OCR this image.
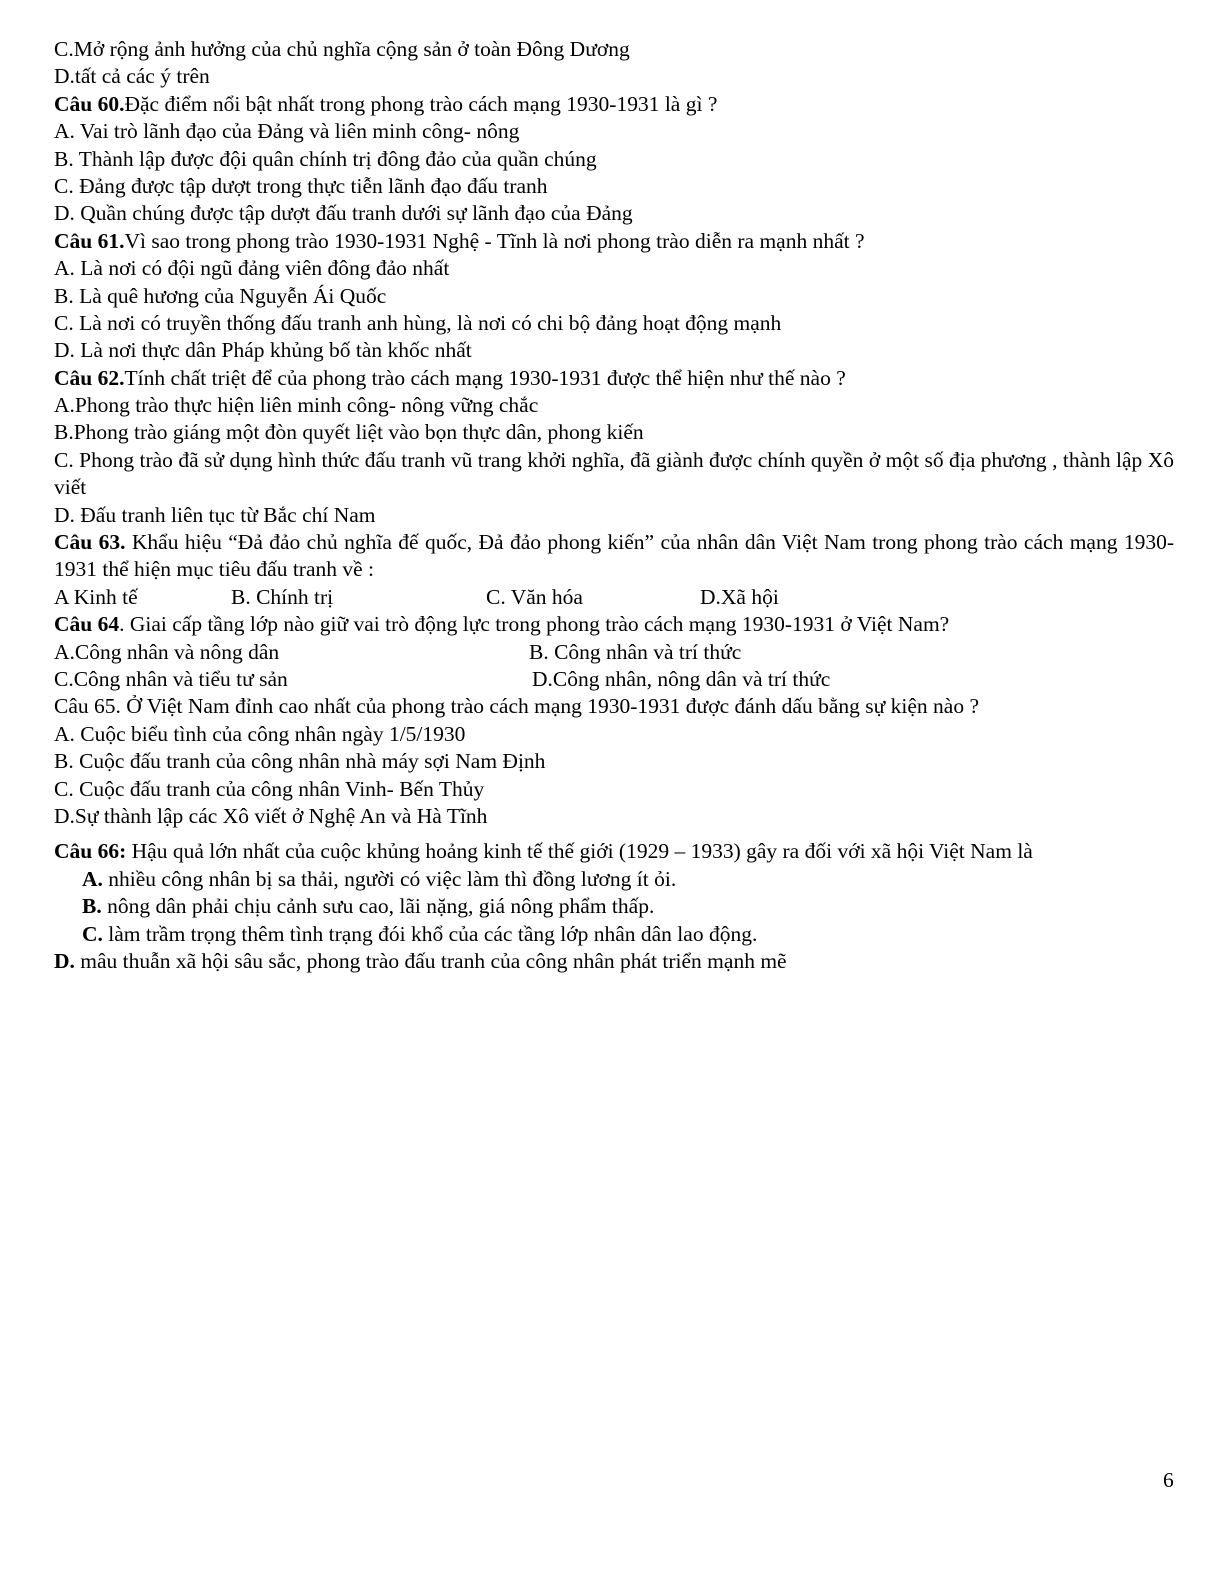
C.Mở rộng ảnh hưởng của chủ nghĩa cộng sản ở toàn Đông Dương
D.tất cả các ý trên
Câu 60.Đặc điểm nổi bật nhất trong phong trào cách mạng 1930-1931 là gì ?
A. Vai trò lãnh đạo của Đảng và liên minh công- nông
B. Thành lập được đội quân chính trị đông đảo của quần chúng
C. Đảng được tập dượt trong thực tiễn lãnh đạo đấu tranh
D. Quần chúng được tập dượt đấu tranh dưới sự lãnh đạo của Đảng
Câu 61.Vì sao trong phong trào 1930-1931 Nghệ - Tĩnh là nơi phong trào diễn ra mạnh nhất ?
A. Là nơi có đội ngũ đảng viên đông đảo nhất
B. Là quê hương của Nguyễn Ái Quốc
C. Là nơi có truyền thống đấu tranh anh hùng, là nơi có chi bộ đảng hoạt động mạnh
D. Là nơi thực dân Pháp khủng bố tàn khốc nhất
Câu 62.Tính chất triệt để của phong trào cách mạng 1930-1931 được thể hiện như thế nào ?
A.Phong trào thực hiện liên minh công- nông vững chắc
B.Phong trào giáng một đòn quyết liệt vào bọn thực dân, phong kiến
C. Phong trào đã sử dụng hình thức đấu tranh vũ trang khởi nghĩa, đã giành được chính quyền ở một số địa phương , thành lập Xô viết
D. Đấu tranh liên tục từ Bắc chí Nam
Câu 63. Khẩu hiệu “Đả đảo chủ nghĩa đế quốc, Đả đảo phong kiến” của nhân dân Việt Nam trong phong trào cách mạng 1930-1931 thể hiện mục tiêu đấu tranh về :
A Kinh tế	B. Chính trị	C. Văn hóa	D.Xã hội
Câu 64. Giai cấp tầng lớp nào giữ vai trò động lực trong phong trào cách mạng 1930-1931 ở Việt Nam?
A.Công nhân và nông dân	B. Công nhân và trí thức
C.Công nhân và tiểu tư sản	D.Công nhân, nông dân và trí thức
Câu 65. Ở Việt Nam đỉnh cao nhất của phong trào cách mạng 1930-1931 được đánh dấu bằng sự kiện nào ?
A. Cuộc biểu tình của công nhân ngày 1/5/1930
B. Cuộc đấu tranh của công nhân nhà máy sợi Nam Định
C. Cuộc đấu tranh của công nhân Vinh- Bến Thủy
D.Sự thành lập các Xô viết ở Nghệ An và Hà Tĩnh
Câu 66: Hậu quả lớn nhất của cuộc khủng hoảng kinh tế thế giới (1929 – 1933) gây ra đối với xã hội Việt Nam là
A. nhiều công nhân bị sa thải, người có việc làm thì đồng lương ít ỏi.
B. nông dân phải chịu cảnh sưu cao, lãi nặng, giá nông phẩm thấp.
C. làm trầm trọng thêm tình trạng đói khổ của các tầng lớp nhân dân lao động.
D. mâu thuẫn xã hội sâu sắc, phong trào đấu tranh của công nhân phát triển mạnh mẽ
6
